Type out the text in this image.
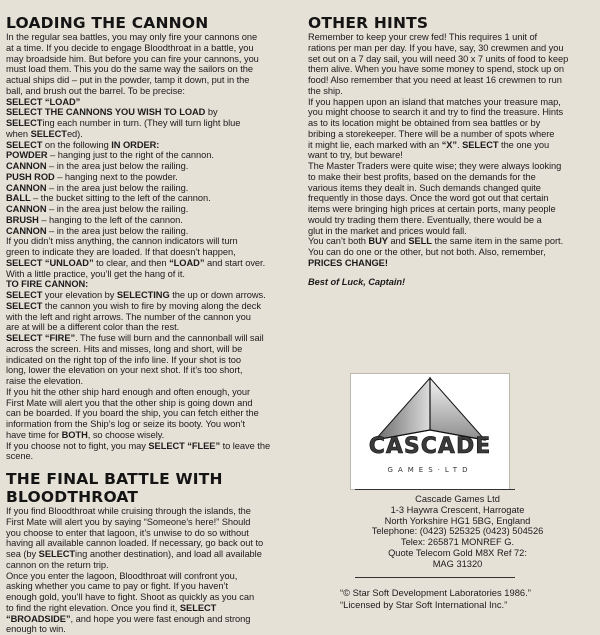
LOADING THE CANNON
In the regular sea battles, you may only fire your cannons one
at a time. If you decide to engage Bloodthroat in a battle, you
may broadside him. But before you can fire your cannons, you
must load them. This you do the same way the sailors on the
actual ships did – put in the powder, tamp it down, put in the
ball, and brush out the barrel. To be precise:
SELECT “LOAD”
SELECT THE CANNONS YOU WISH TO LOAD by
SELECTing each number in turn. (They will turn light blue
when SELECTed).
SELECT on the following IN ORDER:
POWDER – hanging just to the right of the cannon.
CANNON – in the area just below the railing.
PUSH ROD – hanging next to the powder.
CANNON – in the area just below the railing.
BALL – the bucket sitting to the left of the cannon.
CANNON – in the area just below the railing.
BRUSH – hanging to the left of the cannon.
CANNON – in the area just below the railing.
If you didn’t miss anything, the cannon indicators will turn
green to indicate they are loaded. If that doesn’t happen,
SELECT “UNLOAD” to clear, and then “LOAD” and start over.
With a little practice, you’ll get the hang of it.
TO FIRE CANNON:
SELECT your elevation by SELECTING the up or down arrows.
SELECT the cannon you wish to fire by moving along the deck
with the left and right arrows. The number of the cannon you
are at will be a different color than the rest.
SELECT “FIRE”. The fuse will burn and the cannonball will sail
across the screen. Hits and misses, long and short, will be
indicated on the right top of the info line. If your shot is too
long, lower the elevation on your next shot. If it’s too short,
raise the elevation.
If you hit the other ship hard enough and often enough, your
First Mate will alert you that the other ship is going down and
can be boarded. If you board the ship, you can fetch either the
information from the Ship’s log or seize its booty. You won’t
have time for BOTH, so choose wisely.
If you choose not to fight, you may SELECT “FLEE” to leave the
scene.
THE FINAL BATTLE WITH BLOODTHROAT
If you find Bloodthroat while cruising through the islands, the
First Mate will alert you by saying “Someone’s here!” Should
you choose to enter that lagoon, it’s unwise to do so without
having all available cannon loaded. If necessary, go back out to
sea (by SELECTing another destination), and load all available
cannon on the return trip.
Once you enter the lagoon, Bloodthroat will confront you,
asking whether you came to pay or fight. If you haven’t
enough gold, you’ll have to fight. Shoot as quickly as you can
to find the right elevation. Once you find it, SELECT
“BROADSIDE”, and hope you were fast enough and strong
enough to win.
OTHER HINTS
Remember to keep your crew fed! This requires 1 unit of
rations per man per day. If you have, say, 30 crewmen and you
set out on a 7 day sail, you will need 30 x 7 units of food to keep
them alive. When you have some money to spend, stock up on
food! Also remember that you need at least 16 crewmen to run
the ship.
If you happen upon an island that matches your treasure map,
you might choose to search it and try to find the treasure. Hints
as to its location might be obtained from sea battles or by
bribing a storekeeper. There will be a number of spots where
it might lie, each marked with an “X”. SELECT the one you
want to try, but beware!
The Master Traders were quite wise; they were always looking
to make their best profits, based on the demands for the
various items they dealt in. Such demands changed quite
frequently in those days. Once the word got out that certain
items were bringing high prices at certain ports, many people
would try trading them there. Eventually, there would be a
glut in the market and prices would fall.
You can’t both BUY and SELL the same item in the same port.
You can do one or the other, but not both. Also, remember,
PRICES CHANGE!
Best of Luck, Captain!
CASCADE
GAMES·LTD
Cascade Games Ltd
1-3 Haywra Crescent, Harrogate
North Yorkshire HG1 5BG, England
Telephone: (0423) 525325 (0423) 504526
Telex: 265871 MONREF G.
Quote Telecom Gold M8X Ref 72:
MAG 31320
“© Star Soft Development Laboratories 1986.”
“Licensed by Star Soft International Inc.”
